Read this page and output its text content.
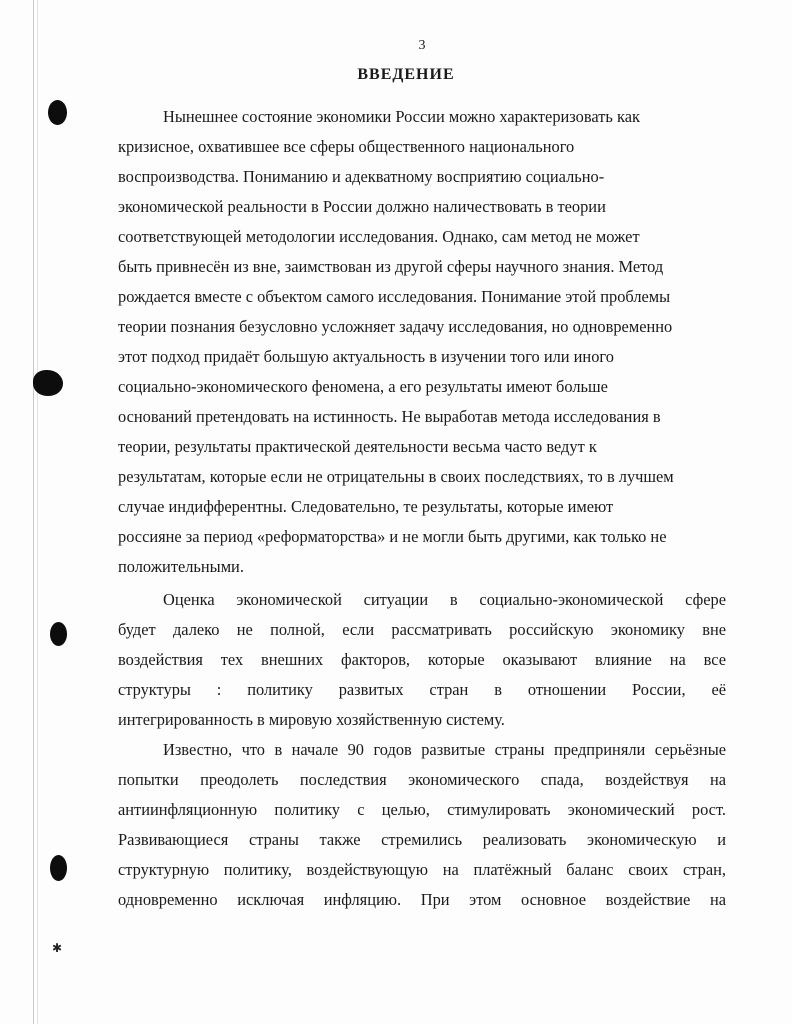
✱
3
ВВЕДЕНИЕ
Нынешнее состояние экономики России можно характеризовать как
кризисное, охватившее все сферы общественного национального
воспроизводства. Пониманию и адекватному восприятию социально-
экономической реальности в России должно наличествовать в теории
соответствующей методологии исследования. Однако, сам метод не может
быть привнесён из вне, заимствован из другой сферы научного знания. Метод
рождается вместе с объектом самого исследования. Понимание этой проблемы
теории познания безусловно усложняет задачу исследования, но одновременно
этот подход придаёт большую актуальность в изучении того или иного
социально-экономического феномена, а его результаты имеют больше
оснований претендовать на истинность. Не выработав метода исследования в
теории, результаты практической деятельности весьма часто ведут к
результатам, которые если не отрицательны в своих последствиях, то в лучшем
случае индифферентны. Следовательно, те результаты, которые имеют
россияне за период «реформаторства» и не могли быть другими, как только не
положительными.
Оценка экономической ситуации в социально-экономической сфере
будет далеко не полной, если рассматривать российскую экономику вне
воздействия тех внешних факторов, которые оказывают влияние на все
структуры : политику развитых стран в отношении России, её
интегрированность в мировую хозяйственную систему.
Известно, что в начале 90 годов развитые страны предприняли серьёзные
попытки преодолеть последствия экономического спада, воздействуя на
антиинфляционную политику с целью, стимулировать экономический рост.
Развивающиеся страны также стремились реализовать экономическую и
структурную политику, воздействующую на платёжный баланс своих стран,
одновременно исключая инфляцию. При этом основное воздействие на
